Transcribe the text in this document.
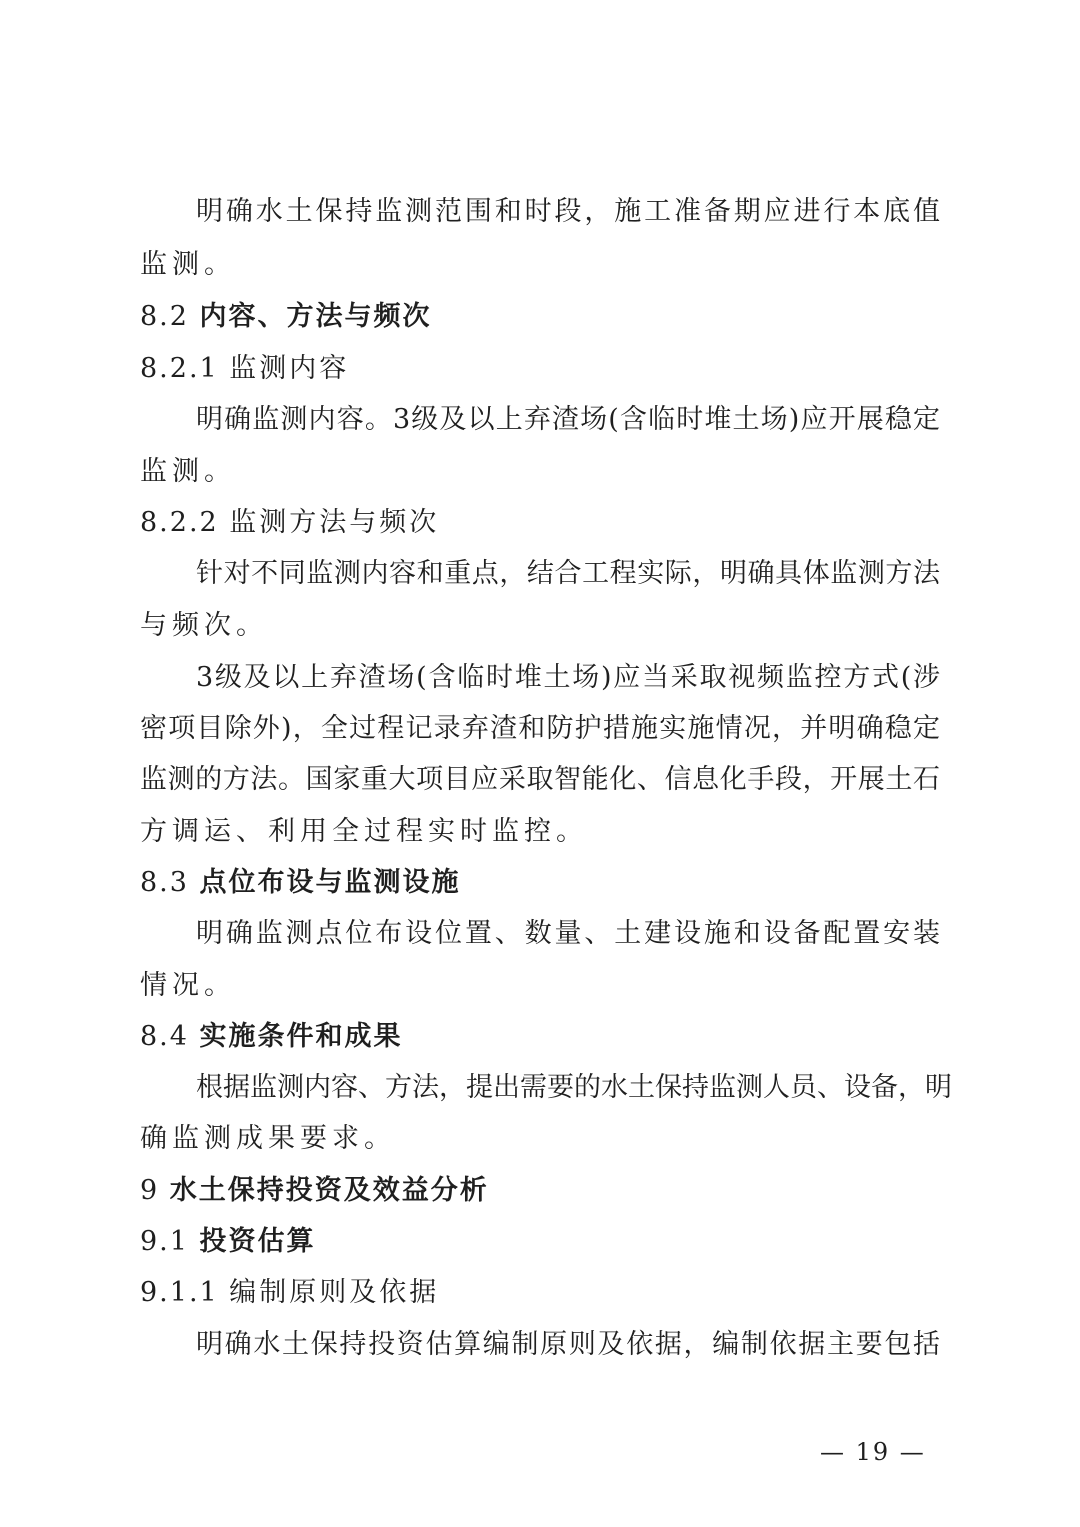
明确水土保持监测范围和时段，施工准备期应进行本底值
监测。
8.2 内容、方法与频次
8.2.1 监测内容
明确监测内容。3级及以上弃渣场(含临时堆土场)应开展稳定
监测。
8.2.2 监测方法与频次
针对不同监测内容和重点，结合工程实际，明确具体监测方法
与频次。
3级及以上弃渣场(含临时堆土场)应当采取视频监控方式(涉
密项目除外)，全过程记录弃渣和防护措施实施情况，并明确稳定
监测的方法。国家重大项目应采取智能化、信息化手段，开展土石
方调运、利用全过程实时监控。
8.3 点位布设与监测设施
明确监测点位布设位置、数量、土建设施和设备配置安装
情况。
8.4 实施条件和成果
根据监测内容、方法，提出需要的水土保持监测人员、设备，明
确监测成果要求。
9 水土保持投资及效益分析
9.1 投资估算
9.1.1 编制原则及依据
明确水土保持投资估算编制原则及依据，编制依据主要包括
— 19 —
